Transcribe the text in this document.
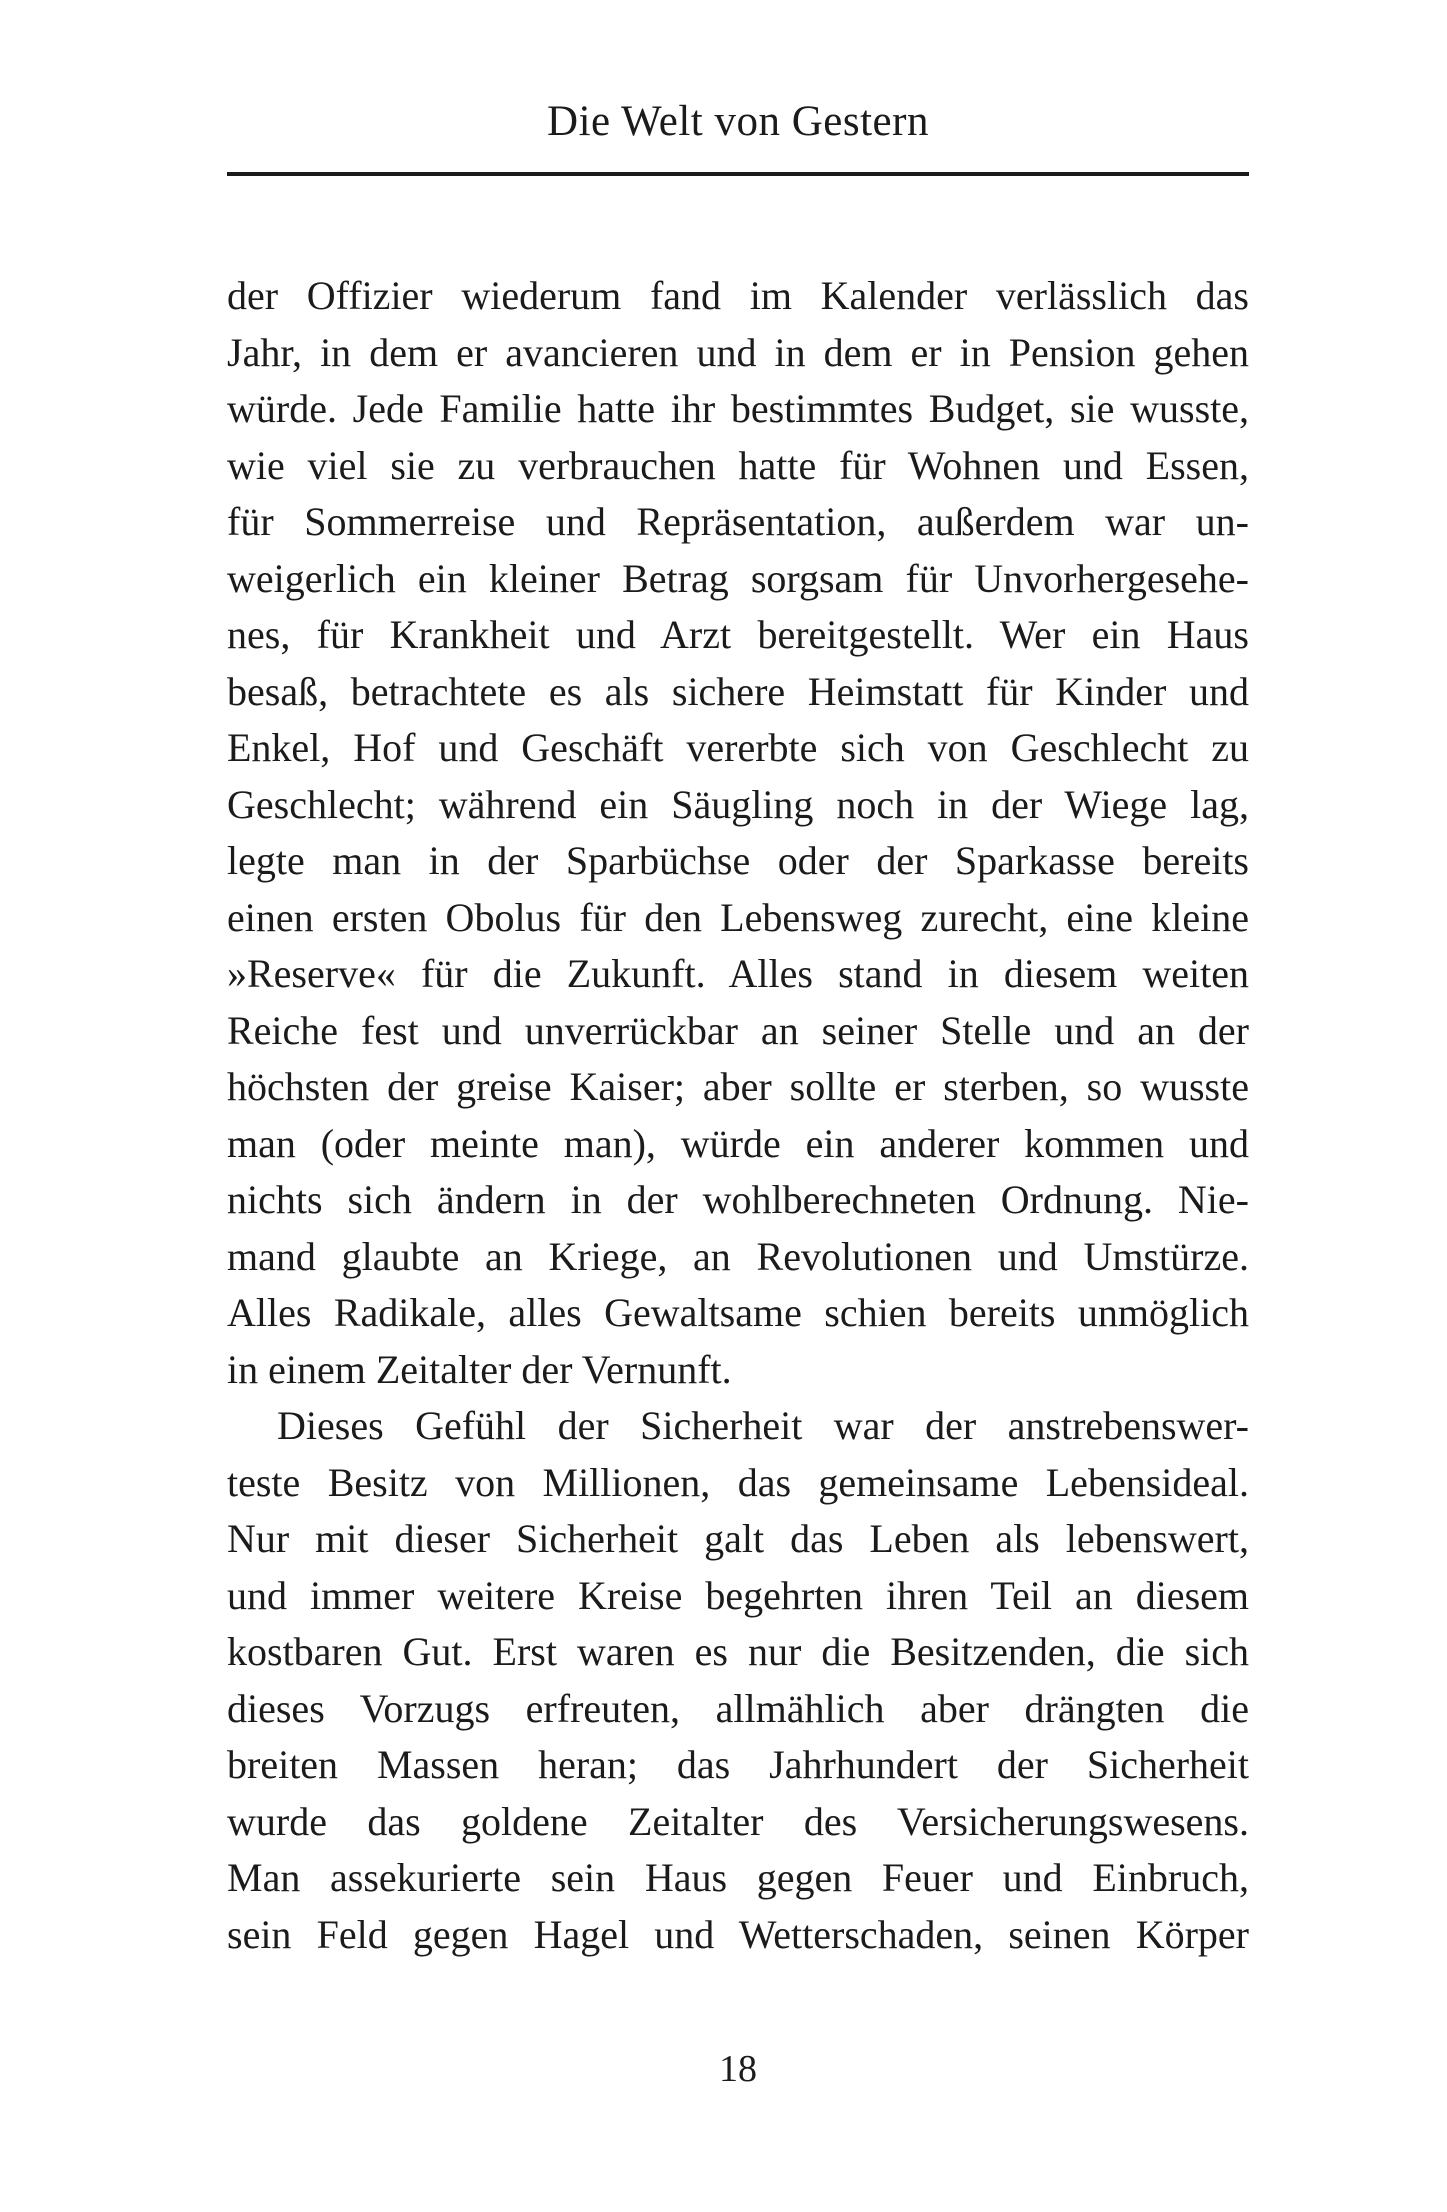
Die Welt von Gestern
der Offizier wiederum fand im Kalender verlässlich das
Jahr, in dem er avancieren und in dem er in Pension gehen
würde. Jede Familie hatte ihr bestimmtes Budget, sie wusste,
wie viel sie zu verbrauchen hatte für Wohnen und Essen,
für Sommerreise und Repräsentation, außerdem war un-
weigerlich ein kleiner Betrag sorgsam für Unvorhergesehe-
nes, für Krankheit und Arzt bereitgestellt. Wer ein Haus
besaß, betrachtete es als sichere Heimstatt für Kinder und
Enkel, Hof und Geschäft vererbte sich von Geschlecht zu
Geschlecht; während ein Säugling noch in der Wiege lag,
legte man in der Sparbüchse oder der Sparkasse bereits
einen ersten Obolus für den Lebensweg zurecht, eine kleine
»Reserve« für die Zukunft. Alles stand in diesem weiten
Reiche fest und unverrückbar an seiner Stelle und an der
höchsten der greise Kaiser; aber sollte er sterben, so wusste
man (oder meinte man), würde ein anderer kommen und
nichts sich ändern in der wohlberechneten Ordnung. Nie-
mand glaubte an Kriege, an Revolutionen und Umstürze.
Alles Radikale, alles Gewaltsame schien bereits unmöglich
in einem Zeitalter der Vernunft.
Dieses Gefühl der Sicherheit war der anstrebenswer-
teste Besitz von Millionen, das gemeinsame Lebensideal.
Nur mit dieser Sicherheit galt das Leben als lebenswert,
und immer weitere Kreise begehrten ihren Teil an diesem
kostbaren Gut. Erst waren es nur die Besitzenden, die sich
dieses Vorzugs erfreuten, allmählich aber drängten die
breiten Massen heran; das Jahrhundert der Sicherheit
wurde das goldene Zeitalter des Versicherungswesens.
Man assekurierte sein Haus gegen Feuer und Einbruch,
sein Feld gegen Hagel und Wetterschaden, seinen Körper
18
